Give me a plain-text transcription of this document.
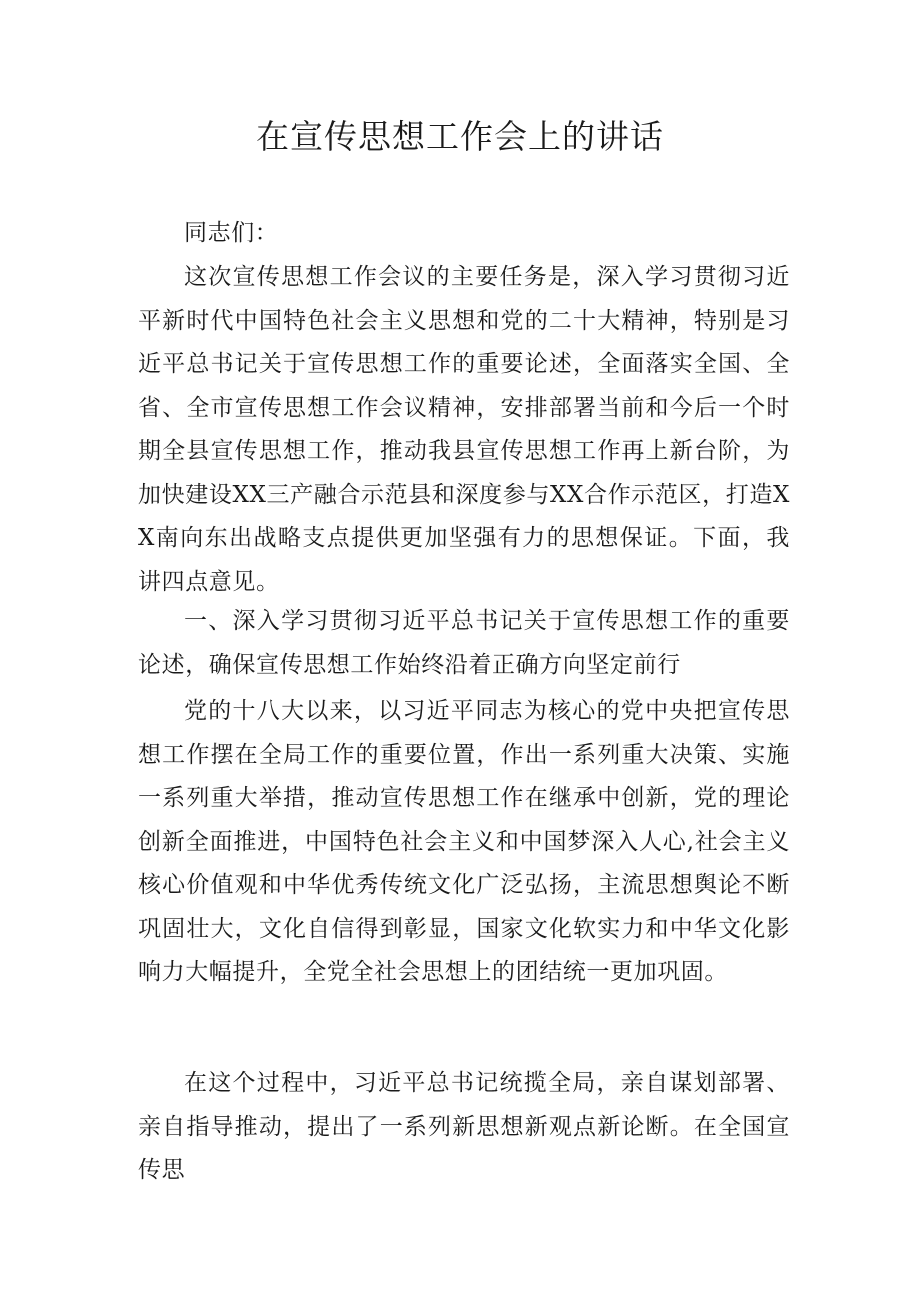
在宣传思想工作会上的讲话

同志们：

这次宣传思想工作会议的主要任务是，深入学习贯彻习近平新时代中国特色社会主义思想和党的二十大精神，特别是习近平总书记关于宣传思想工作的重要论述，全面落实全国、全省、全市宣传思想工作会议精神，安排部署当前和今后一个时期全县宣传思想工作，推动我县宣传思想工作再上新台阶，为加快建设XX三产融合示范县和深度参与XX合作示范区，打造XX南向东出战略支点提供更加坚强有力的思想保证。下面，我讲四点意见。

一、深入学习贯彻习近平总书记关于宣传思想工作的重要论述，确保宣传思想工作始终沿着正确方向坚定前行

党的十八大以来，以习近平同志为核心的党中央把宣传思想工作摆在全局工作的重要位置，作出一系列重大决策、实施一系列重大举措，推动宣传思想工作在继承中创新，党的理论创新全面推进，中国特色社会主义和中国梦深入人心,社会主义核心价值观和中华优秀传统文化广泛弘扬，主流思想舆论不断巩固壮大，文化自信得到彰显，国家文化软实力和中华文化影响力大幅提升，全党全社会思想上的团结统一更加巩固。

在这个过程中，习近平总书记统揽全局，亲自谋划部署、亲自指导推动，提出了一系列新思想新观点新论断。在全国宣传思
